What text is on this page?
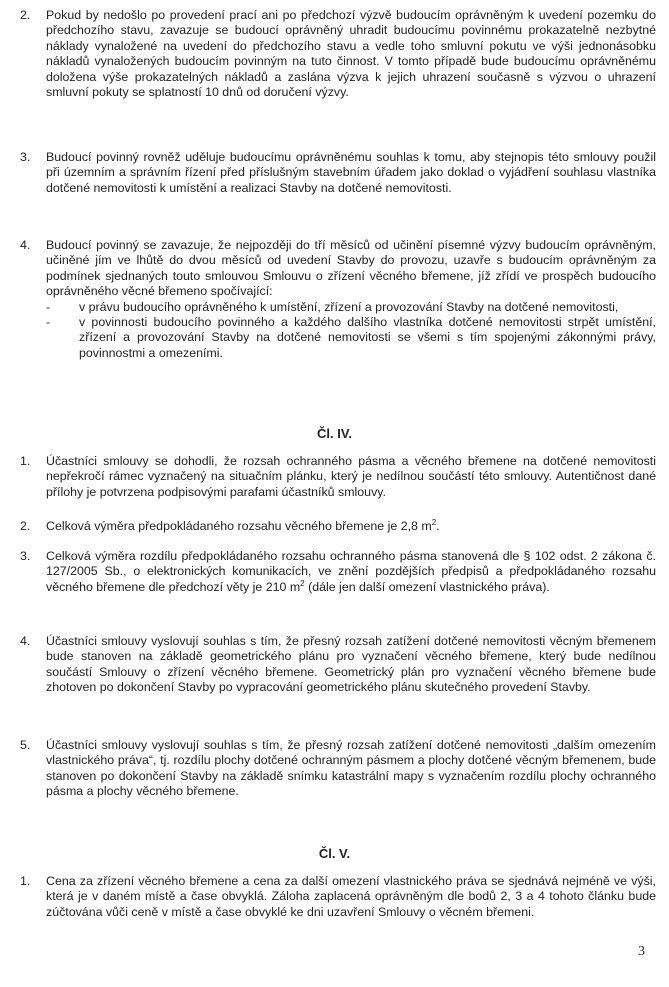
2.	Pokud by nedošlo po provedení prací ani po předchozí výzvě budoucím oprávněným k uvedení pozemku do předchozího stavu, zavazuje se budoucí oprávněný uhradit budoucímu povinnému prokazatelně nezbytné náklady vynaložené na uvedení do předchozího stavu a vedle toho smluvní pokutu ve výši jednonásobku nákladů vynaložených budoucím povinným na tuto činnost. V tomto případě bude budoucímu oprávněnému doložena výše prokazatelných nákladů a zaslána výzva k jejich uhrazení současně s výzvou o uhrazení smluvní pokuty se splatností 10 dnů od doručení výzvy.
3.	Budoucí povinný rovněž uděluje budoucímu oprávněnému souhlas k tomu, aby stejnopis této smlouvy použil při územním a správním řízení před příslušným stavebním úřadem jako doklad o vyjádření souhlasu vlastníka dotčené nemovitosti k umístění a realizaci Stavby na dotčené nemovitosti.
4.	Budoucí povinný se zavazuje, že nejpozději do tří měsíců od učinění písemné výzvy budoucím oprávněným, učiněné jím ve lhůtě do dvou měsíců od uvedení Stavby do provozu, uzavře s budoucím oprávněným za podmínek sjednaných touto smlouvou Smlouvu o zřízení věcného břemene, jíž zřídí ve prospěch budoucího oprávněného věcné břemeno spočívající:
- v právu budoucího oprávněného k umístění, zřízení a provozování Stavby na dotčené nemovitosti,
- v povinnosti budoucího povinného a každého dalšího vlastníka dotčené nemovitosti strpět umístění, zřízení a provozování Stavby na dotčené nemovitosti se všemi s tím spojenými zákonnými právy, povinnostmi a omezeními.
Čl. IV.
1.	Účastníci smlouvy se dohodli, že rozsah ochranného pásma a věcného břemene na dotčené nemovitosti nepřekročí rámec vyznačený na situačním plánku, který je nedílnou součástí této smlouvy. Autentičnost dané přílohy je potvrzena podpisovými parafami účastníků smlouvy.
2.	Celková výměra předpokládaného rozsahu věcného břemene je 2,8 $m^2$.
3.	Celková výměra rozdílu předpokládaného rozsahu ochranného pásma stanovená dle § 102 odst. 2 zákona č. 127/2005 Sb., o elektronických komunikacích, ve znění pozdějších předpisů a předpokládaného rozsahu věcného břemene dle předchozí věty je 210 $m^2$ (dále jen další omezení vlastnického práva).
4.	Účastníci smlouvy vyslovují souhlas s tím, že přesný rozsah zatížení dotčené nemovitosti věcným břemenem bude stanoven na základě geometrického plánu pro vyznačení věcného břemene, který bude nedílnou součástí Smlouvy o zřízení věcného břemene. Geometrický plán pro vyznačení věcného břemene bude zhotoven po dokončení Stavby po vypracování geometrického plánu skutečného provedení Stavby.
5.	Účastníci smlouvy vyslovují souhlas s tím, že přesný rozsah zatížení dotčené nemovitosti „dalším omezením vlastnického práva“, tj. rozdílu plochy dotčené ochranným pásmem a plochy dotčené věcným břemenem, bude stanoven po dokončení Stavby na základě snímku katastrální mapy s vyznačením rozdílu plochy ochranného pásma a plochy věcného břemene.
Čl. V.
1.	Cena za zřízení věcného břemene a cena za další omezení vlastnického práva se sjednává nejméně ve výši, která je v daném místě a čase obvyklá. Záloha zaplacená oprávněným dle bodů 2, 3 a 4 tohoto článku bude zúčtována vůči ceně v místě a čase obvyklé ke dni uzavření Smlouvy o věcném břemeni.
3
